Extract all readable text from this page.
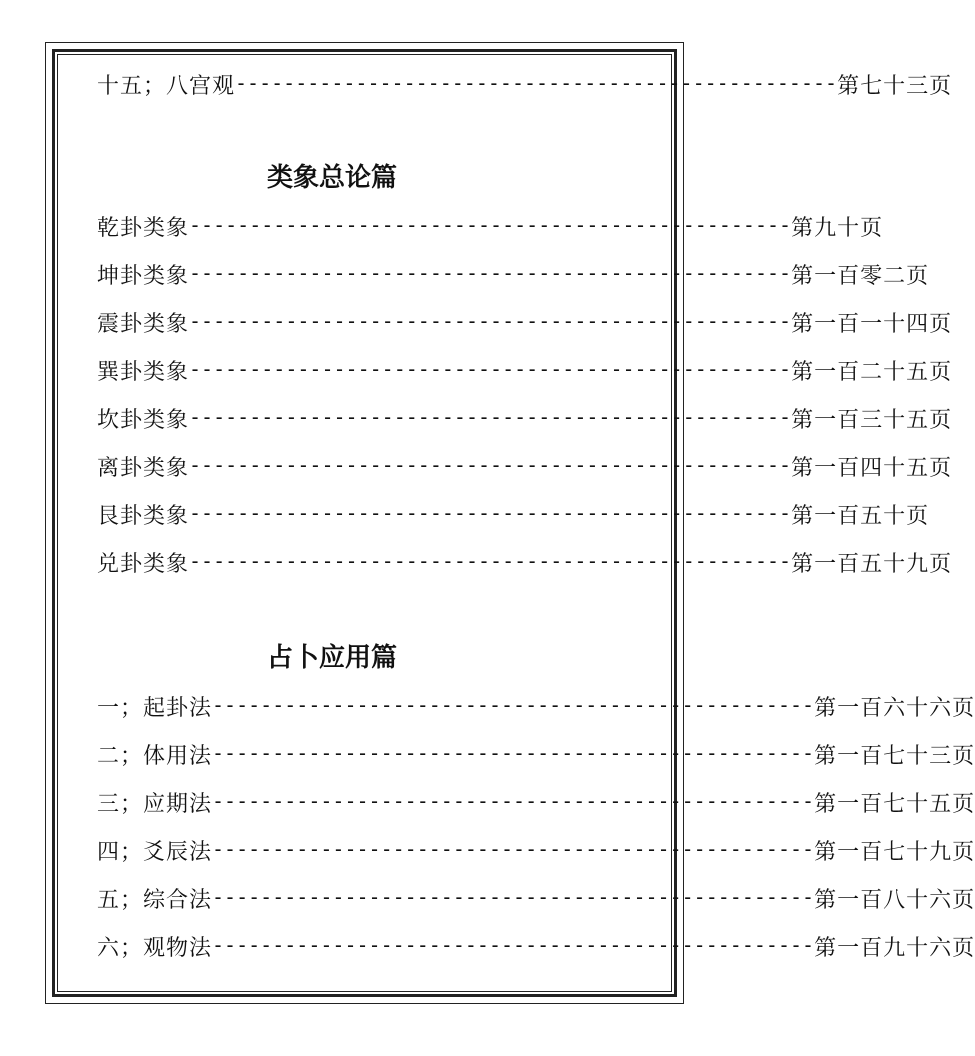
十五；八宫观 -------------------------------------------------- 第七十三页
类象总论篇
乾卦类象 -------------------------------------------------- 第九十页
坤卦类象 -------------------------------------------------- 第一百零二页
震卦类象 -------------------------------------------------- 第一百一十四页
巽卦类象 -------------------------------------------------- 第一百二十五页
坎卦类象 -------------------------------------------------- 第一百三十五页
离卦类象 -------------------------------------------------- 第一百四十五页
艮卦类象 -------------------------------------------------- 第一百五十页
兑卦类象 -------------------------------------------------- 第一百五十九页
占卜应用篇
一；起卦法 -------------------------------------------------- 第一百六十六页
二；体用法 -------------------------------------------------- 第一百七十三页
三；应期法 -------------------------------------------------- 第一百七十五页
四；爻辰法 -------------------------------------------------- 第一百七十九页
五；综合法 -------------------------------------------------- 第一百八十六页
六；观物法 -------------------------------------------------- 第一百九十六页
